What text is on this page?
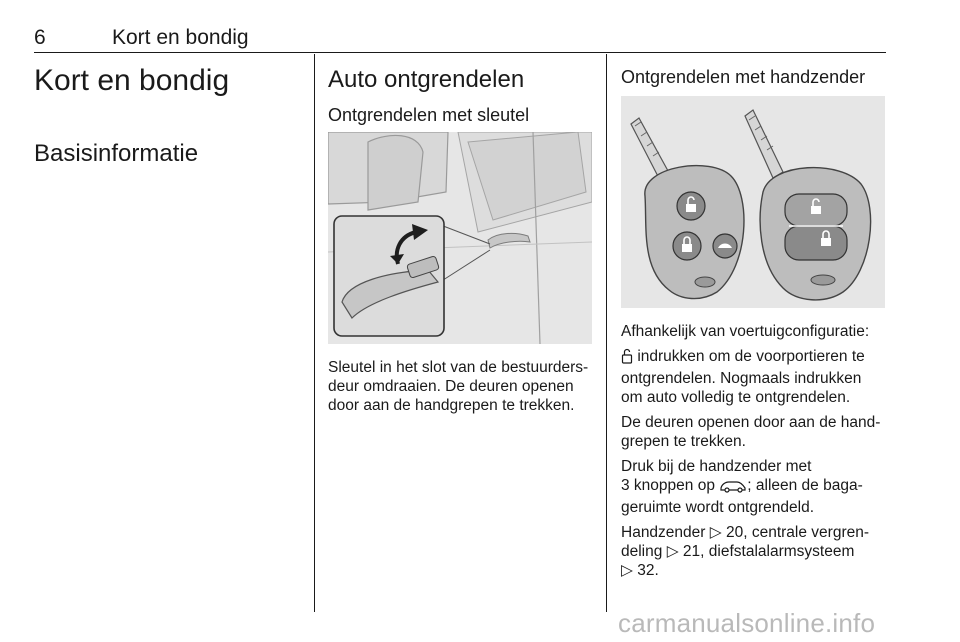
6	Kort en bondig
Kort en bondig
Basisinformatie
Auto ontgrendelen
Ontgrendelen met sleutel
Sleutel in het slot van de bestuurders-
deur omdraaien. De deuren openen
door aan de handgrepen te trekken.
Ontgrendelen met handzender

Afhankelijk van voertuigconfiguratie:

indrukken om de voorportieren te
ontgrendelen. Nogmaals indrukken
om auto volledig te ontgrendelen.

De deuren openen door aan de hand-
grepen te trekken.

Druk bij de handzender met
3 knoppen op ; alleen de baga-
geruimte wordt ontgrendeld.

Handzender ▷ 20, centrale vergren-
deling ▷ 21, diefstalalarmsysteem
▷ 32.

carmanualsonline.info
